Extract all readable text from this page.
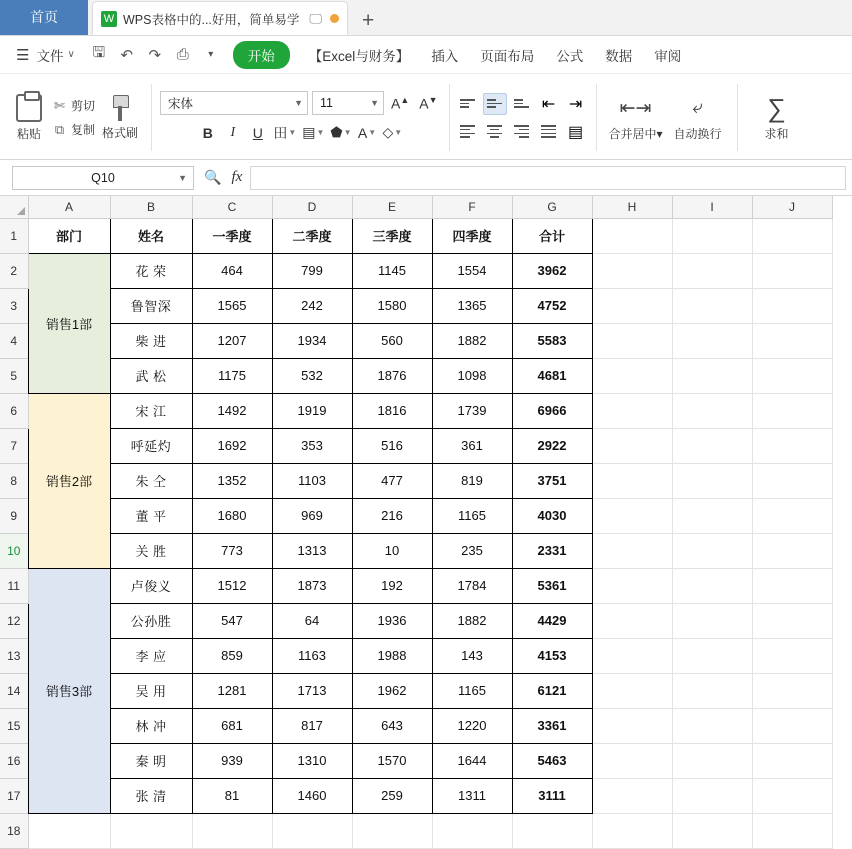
首页	W WPS表格中的...好用，简单易学 🖵	+
☰ 文件 ∨	🖫	↶	↷	⎙	▾	开始	【Excel与财务】	插入	页面布局	公式	数据	审阅
粘贴
✄ 剪切
⧉ 复制 格式刷
宋体	▼ 11	▼ A▲ A▼
B	I	U 田 ▼ ▤ ▼ ⬟ ▼ A ▼ ◇ ▼
⇤ ⇥
▤
⇤⇥
合并居中▾
⤶
自动换行
∑
求和
Q10	▼ 🔍 fx
	A	B	C	D	E	F	G	H	I	J
1	部门	姓名	一季度	二季度	三季度	四季度	合计			
2	销售1部	花 荣	464	799	1145	1554	3962			
3		鲁智深	1565	242	1580	1365	4752			
4		柴 进	1207	1934	560	1882	5583			
5		武 松	1175	532	1876	1098	4681			
6	销售2部	宋 江	1492	1919	1816	1739	6966			
7		呼延灼	1692	353	516	361	2922			
8		朱 仝	1352	1103	477	819	3751			
9		董 平	1680	969	216	1165	4030			
10		关 胜	773	1313	10	235	2331			
11	销售3部	卢俊义	1512	1873	192	1784	5361			
12		公孙胜	547	64	1936	1882	4429			
13		李 应	859	1163	1988	143	4153			
14		吴 用	1281	1713	1962	1165	6121			
15		林 冲	681	817	643	1220	3361			
16		秦 明	939	1310	1570	1644	5463			
17		张 清	81	1460	259	1311	3111			
18										
